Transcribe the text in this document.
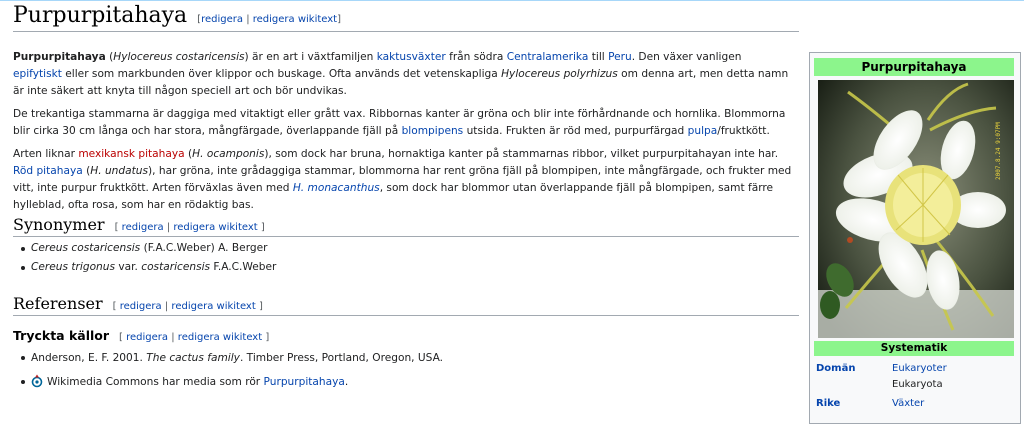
Purpurpitahaya [redigera | redigera wikitext]

Purpurpitahaya (Hylocereus costaricensis) är en art i växtfamiljen kaktusväxter från södra Centralamerika till Peru. Den växer vanligen epifytiskt eller som markbunden över klippor och buskage. Ofta används det vetenskapliga Hylocereus polyrhizus om denna art, men detta namn är inte säkert att knyta till någon speciell art och bör undvikas.

De trekantiga stammarna är daggiga med vitaktigt eller grått vax. Ribbornas kanter är gröna och blir inte förhårdnande och hornlika. Blommorna blir cirka 30 cm långa och har stora, mångfärgade, överlappande fjäll på blompipens utsida. Frukten är röd med, purpurfärgad pulpa/fruktkött.

Arten liknar mexikansk pitahaya (H. ocamponis), som dock har bruna, hornaktiga kanter på stammarnas ribbor, vilket purpurpitahayan inte har. Röd pitahaya (H. undatus), har gröna, inte grådaggiga stammar, blommorna har rent gröna fjäll på blompipen, inte mångfärgade, och frukter med vitt, inte purpur fruktkött. Arten förväxlas även med H. monacanthus, som dock har blommor utan överlappande fjäll på blompipen, samt färre hylleblad, ofta rosa, som har en rödaktig bas.

Synonymer [ redigera | redigera wikitext ]
Cereus costaricensis (F.A.C.Weber) A. Berger
Cereus trigonus var. costaricensis F.A.C.Weber
Referenser [ redigera | redigera wikitext ]
Tryckta källor [ redigera | redigera wikitext ]
Anderson, E. F. 2001. The cactus family. Timber Press, Portland, Oregon, USA.
Wikimedia Commons har media som rör Purpurpitahaya.
Purpurpitahaya
2007.8.24 9:07PM
Systematik
Domän	Eukaryoter
Eukaryota
Rike	Växter
